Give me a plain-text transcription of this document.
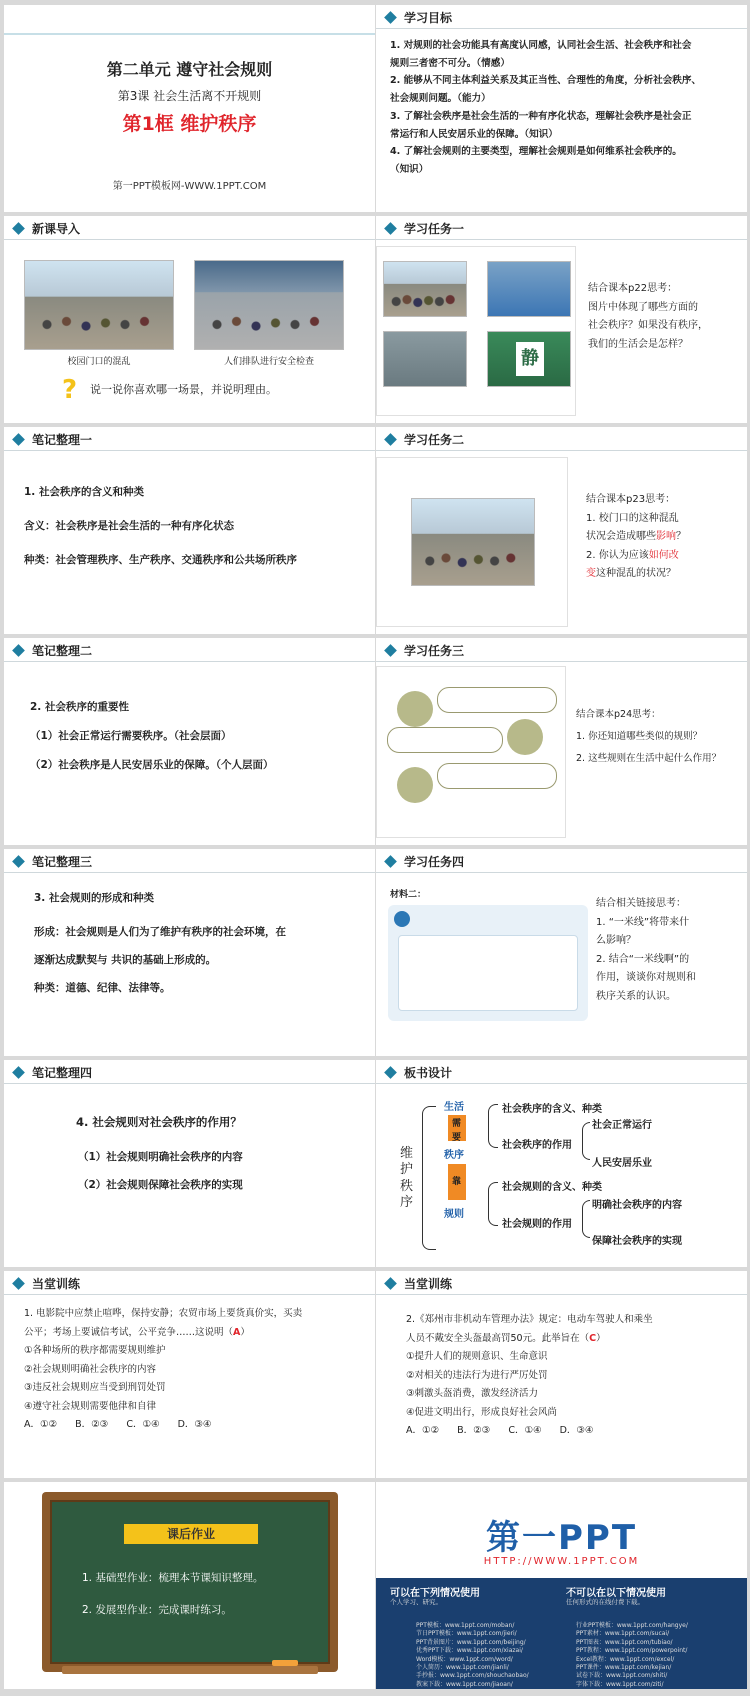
第二单元 遵守社会规则
第3课 社会生活离不开规则
第1框 维护秩序
第一PPT模板网-WWW.1PPT.COM
学习目标
1. 对规则的社会功能具有高度认同感，认同社会生活、社会秩序和社会
规则三者密不可分。（情感）
2. 能够从不同主体利益关系及其正当性、合理性的角度，分析社会秩序、
社会规则问题。（能力）
3. 了解社会秩序是社会生活的一种有序化状态，理解社会秩序是社会正
常运行和人民安居乐业的保障。（知识）
4. 了解社会规则的主要类型，理解社会规则是如何维系社会秩序的。
（知识）
新课导入
校园门口的混乱	人们排队进行安全检查
? 说一说你喜欢哪一场景，并说明理由。
学习任务一
静
结合课本p22思考：
图片中体现了哪些方面的
社会秩序？如果没有秩序，
我们的生活会是怎样？
笔记整理一
1. 社会秩序的含义和种类
含义：社会秩序是社会生活的一种有序化状态
种类：社会管理秩序、生产秩序、交通秩序和公共场所秩序
学习任务二
结合课本p23思考：
1. 校门口的这种混乱
状况会造成哪些影响？
2. 你认为应该如何改
变这种混乱的状况？
笔记整理二
2. 社会秩序的重要性
（1）社会正常运行需要秩序。（社会层面）
（2）社会秩序是人民安居乐业的保障。（个人层面）
学习任务三
结合课本p24思考：
1. 你还知道哪些类似的规则？
2. 这些规则在生活中起什么作用？
笔记整理三
3. 社会规则的形成和种类
形成：社会规则是人们为了维护有秩序的社会环境，在
逐渐达成默契与 共识的基础上形成的。
种类：道德、纪律、法律等。
学习任务四
材料二：
结合相关链接思考：
1. “一米线”将带来什
么影响？
2. 结合“一米线啊”的
作用，谈谈你对规则和
秩序关系的认识。
笔记整理四
4. 社会规则对社会秩序的作用？
（1）社会规则明确社会秩序的内容
（2）社会规则保障社会秩序的实现
板书设计
维
护
秩
序
生活
需
要
秩序
靠
规则
社会秩序的含义、种类
社会秩序的作用
社会正常运行
人民安居乐业
社会规则的含义、种类
社会规则的作用
明确社会秩序的内容
保障社会秩序的实现
当堂训练
1. 电影院中应禁止喧哗，保持安静；农贸市场上要货真价实，买卖
公平；考场上要诚信考试，公平竞争……这说明（A）
①各种场所的秩序都需要规则维护
②社会规则明确社会秩序的内容
③违反社会规则应当受到刑罚处罚
④遵守社会规则需要他律和自律
A．①②      B．②③      C．①④      D．③④
当堂训练
2.《郑州市非机动车管理办法》规定：电动车驾驶人和乘坐
人员不戴安全头盔最高罚50元。此举旨在（C）
①提升人们的规则意识、生命意识
②对相关的违法行为进行严厉处罚
③刺激头盔消费，激发经济活力
④促进文明出行，形成良好社会风尚
A．①②      B．②③      C．①④      D．③④
课后作业
1. 基础型作业：梳理本节课知识整理。
2. 发展型作业：完成课时练习。
第一PPT
HTTP://WWW.1PPT.COM
可以在下列情况使用	不可以在以下情况使用
个人学习、研究。	任何形式的在线付费下载。
PPT模板：www.1ppt.com/moban/
节日PPT模板：www.1ppt.com/jieri/
PPT背景图片：www.1ppt.com/beijing/
优秀PPT下载：www.1ppt.com/xiazai/
Word模板：www.1ppt.com/word/
个人简历：www.1ppt.com/jianli/
手抄报：www.1ppt.com/shouchaobao/
教案下载：www.1ppt.com/jiaoan/
行业PPT模板：www.1ppt.com/hangye/
PPT素材：www.1ppt.com/sucai/
PPT图表：www.1ppt.com/tubiao/
PPT教程：www.1ppt.com/powerpoint/
Excel教程：www.1ppt.com/excel/
PPT课件：www.1ppt.com/kejian/
试卷下载：www.1ppt.com/shiti/
字体下载：www.1ppt.com/ziti/
